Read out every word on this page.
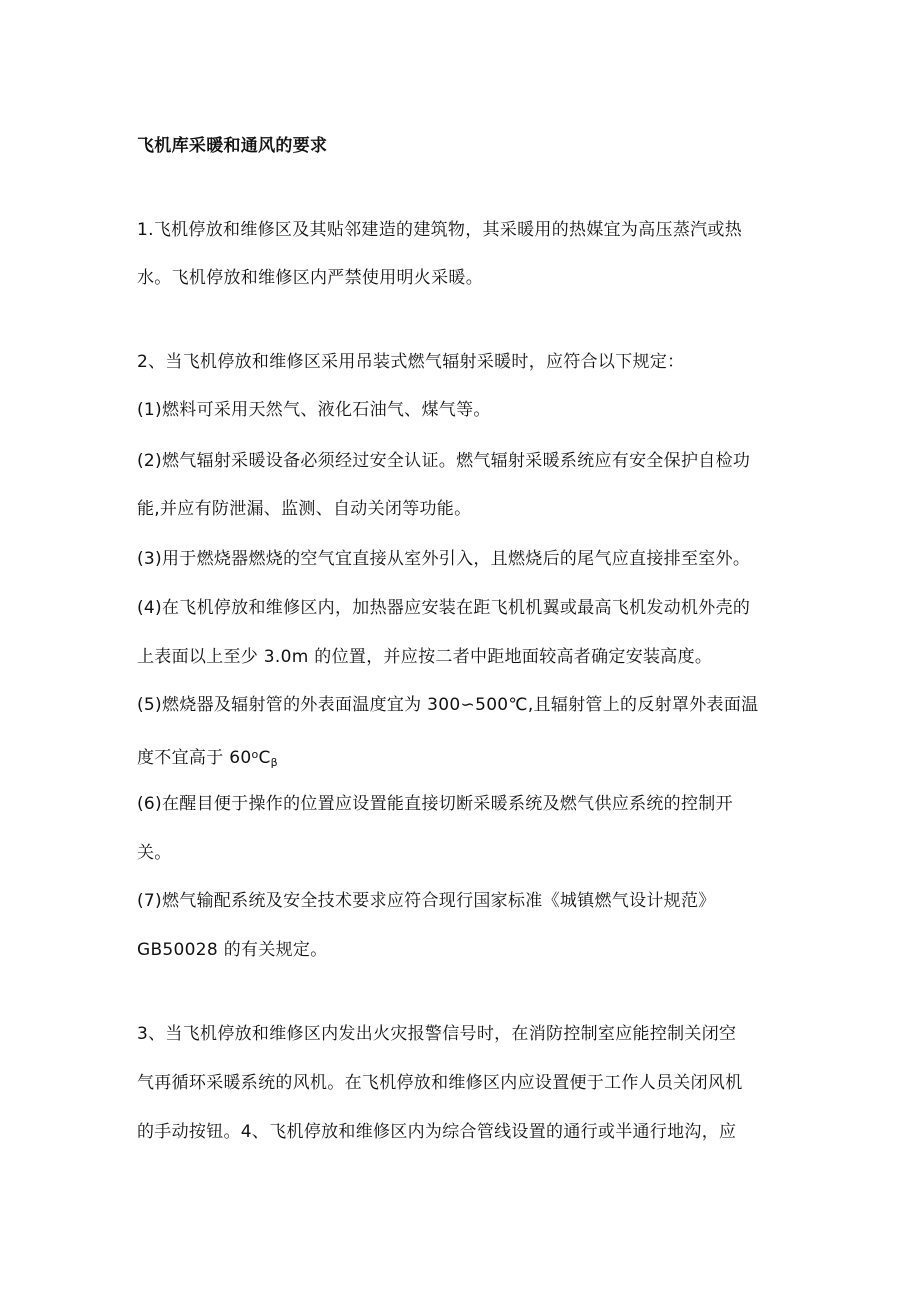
飞机库采暖和通风的要求
1.飞机停放和维修区及其贴邻建造的建筑物，其采暖用的热媒宜为高压蒸汽或热
水。飞机停放和维修区内严禁使用明火采暖。
2、当飞机停放和维修区采用吊装式燃气辐射采暖时，应符合以下规定：
(1)燃料可采用天然气、液化石油气、煤气等。
(2)燃气辐射采暖设备必须经过安全认证。燃气辐射采暖系统应有安全保护自检功
能,并应有防泄漏、监测、自动关闭等功能。
(3)用于燃烧器燃烧的空气宜直接从室外引入，且燃烧后的尾气应直接排至室外。
(4)在飞机停放和维修区内，加热器应安装在距飞机机翼或最高飞机发动机外壳的
上表面以上至少 3.0m 的位置，并应按二者中距地面较高者确定安装高度。
(5)燃烧器及辐射管的外表面温度宜为 300∽500℃,且辐射管上的反射罩外表面温
度不宜高于 $60^oC_\beta$
(6)在醒目便于操作的位置应设置能直接切断采暖系统及燃气供应系统的控制开
关。
(7)燃气输配系统及安全技术要求应符合现行国家标准《城镇燃气设计规范》
GB50028 的有关规定。
3、当飞机停放和维修区内发出火灾报警信号时，在消防控制室应能控制关闭空
气再循环采暖系统的风机。在飞机停放和维修区内应设置便于工作人员关闭风机
的手动按钮。4、飞机停放和维修区内为综合管线设置的通行或半通行地沟，应
